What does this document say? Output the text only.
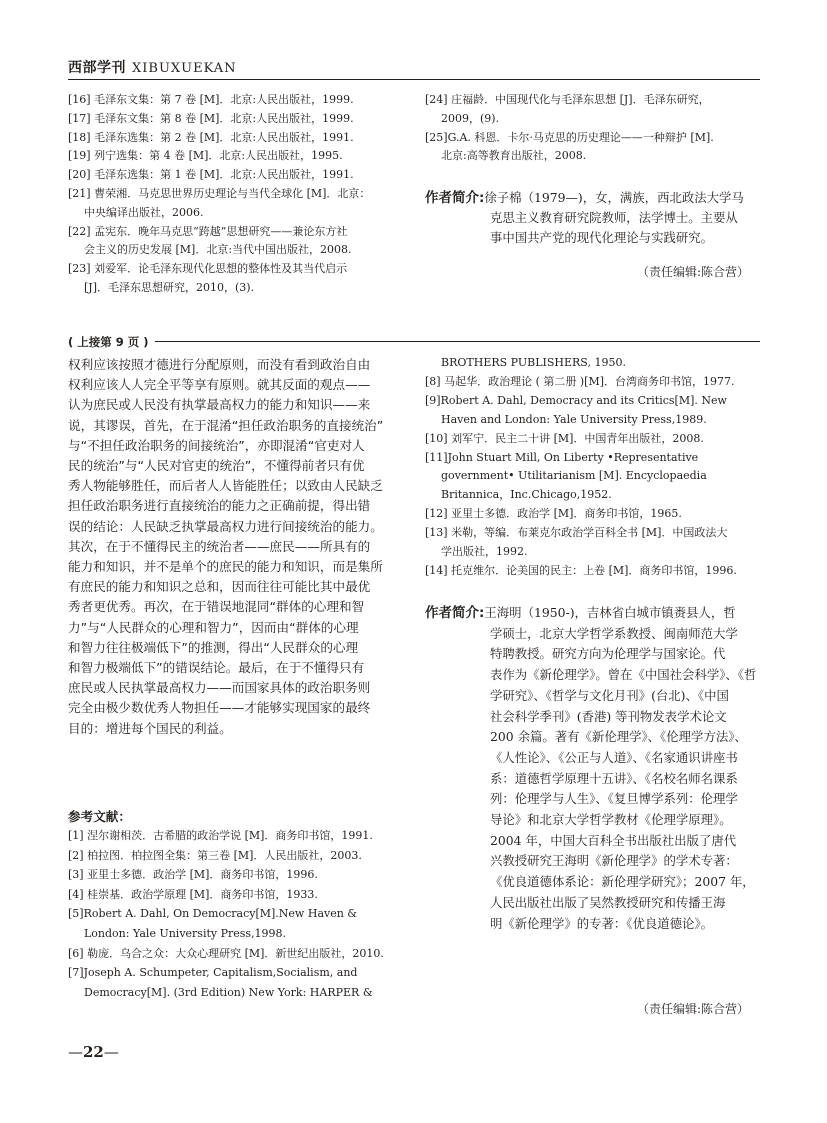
西部学刊 XIBUXUEKAN
[16] 毛泽东文集：第 7 卷 [M]．北京:人民出版社，1999.
[17] 毛泽东文集：第 8 卷 [M]．北京:人民出版社，1999.
[18] 毛泽东选集：第 2 卷 [M]．北京:人民出版社，1991.
[19] 列宁选集：第 4 卷 [M]．北京:人民出版社，1995.
[20] 毛泽东选集：第 1 卷 [M]．北京:人民出版社，1991.
[21] 曹荣湘．马克思世界历史理论与当代全球化 [M]．北京：
中央编译出版社，2006.
[22] 孟宪东．晚年马克思“跨越”思想研究——兼论东方社
会主义的历史发展 [M]．北京:当代中国出版社，2008.
[23] 刘爱军．论毛泽东现代化思想的整体性及其当代启示
[J]．毛泽东思想研究，2010，(3).
[24] 庄福龄．中国现代化与毛泽东思想 [J]．毛泽东研究，
2009，(9).
[25]G.A. 科恩．卡尔·马克思的历史理论——一种辩护 [M].
北京:高等教育出版社，2008.
作者简介:徐子棉（1979—)，女，满族，西北政法大学马
克思主义教育研究院教师，法学博士。主要从
事中国共产党的现代化理论与实践研究。
（责任编辑:陈合营）
( 上接第 9 页 )
权利应该按照才德进行分配原则，而没有看到政治自由
权利应该人人完全平等享有原则。就其反面的观点——
认为庶民或人民没有执掌最高权力的能力和知识——来
说，其谬误，首先，在于混淆“担任政治职务的直接统治”
与“不担任政治职务的间接统治”，亦即混淆“官吏对人
民的统治”与“人民对官吏的统治”，不懂得前者只有优
秀人物能够胜任，而后者人人皆能胜任；以致由人民缺乏
担任政治职务进行直接统治的能力之正确前提，得出错
误的结论：人民缺乏执掌最高权力进行间接统治的能力。
其次，在于不懂得民主的统治者——庶民——所具有的
能力和知识，并不是单个的庶民的能力和知识，而是集所
有庶民的能力和知识之总和，因而往往可能比其中最优
秀者更优秀。再次，在于错误地混同“群体的心理和智
力”与“人民群众的心理和智力”，因而由“群体的心理
和智力往往极端低下”的推测，得出“人民群众的心理
和智力极端低下”的错误结论。最后，在于不懂得只有
庶民或人民执掌最高权力——而国家具体的政治职务则
完全由极少数优秀人物担任——才能够实现国家的最终
目的：增进每个国民的利益。
参考文献：
[1] 涅尔谢相茨．古希腊的政治学说 [M]．商务印书馆，1991.
[2] 柏拉图．柏拉图全集：第三卷 [M]．人民出版社，2003.
[3] 亚里士多德．政治学 [M]．商务印书馆，1996.
[4] 桂崇基．政治学原理 [M]．商务印书馆，1933.
[5]Robert A. Dahl, On Democracy[M].New Haven &
London: Yale University Press,1998.
[6] 勒庞．乌合之众：大众心理研究 [M]．新世纪出版社，2010.
[7]Joseph A. Schumpeter, Capitalism,Socialism, and
Democracy[M]. (3rd Edition) New York: HARPER &
BROTHERS PUBLISHERS, 1950.
[8] 马起华．政治理论 ( 第二册 )[M]．台湾商务印书馆，1977.
[9]Robert A. Dahl, Democracy and its Critics[M]. New
Haven and London: Yale University Press,1989.
[10] 刘军宁．民主二十讲 [M]．中国青年出版社，2008.
[11]John Stuart Mill, On Liberty •Representative
government• Utilitarianism [M]. Encyclopaedia
Britannica，Inc.Chicago,1952.
[12] 亚里士多德．政治学 [M]．商务印书馆，1965.
[13] 米勒，等编．布莱克尔政治学百科全书 [M]．中国政法大
学出版社，1992.
[14] 托克维尔．论美国的民主：上卷 [M]．商务印书馆，1996.
作者简介:王海明（1950-)，吉林省白城市镇赉县人，哲
学硕士，北京大学哲学系教授、闽南师范大学
特聘教授。研究方向为伦理学与国家论。代
表作为《新伦理学》。曾在《中国社会科学》、《哲
学研究》、《哲学与文化月刊》(台北)、《中国
社会科学季刊》(香港) 等刊物发表学术论文
200 余篇。著有《新伦理学》、《伦理学方法》、
《人性论》、《公正与人道》、《名家通识讲座书
系：道德哲学原理十五讲》、《名校名师名课系
列：伦理学与人生》、《复旦博学系列：伦理学
导论》和北京大学哲学教材《伦理学原理》。
2004 年，中国大百科全书出版社出版了唐代
兴教授研究王海明《新伦理学》的学术专著：
《优良道德体系论：新伦理学研究》；2007 年，
人民出版社出版了吴然教授研究和传播王海
明《新伦理学》的专著：《优良道德论》。
（责任编辑:陈合营）
—22—
